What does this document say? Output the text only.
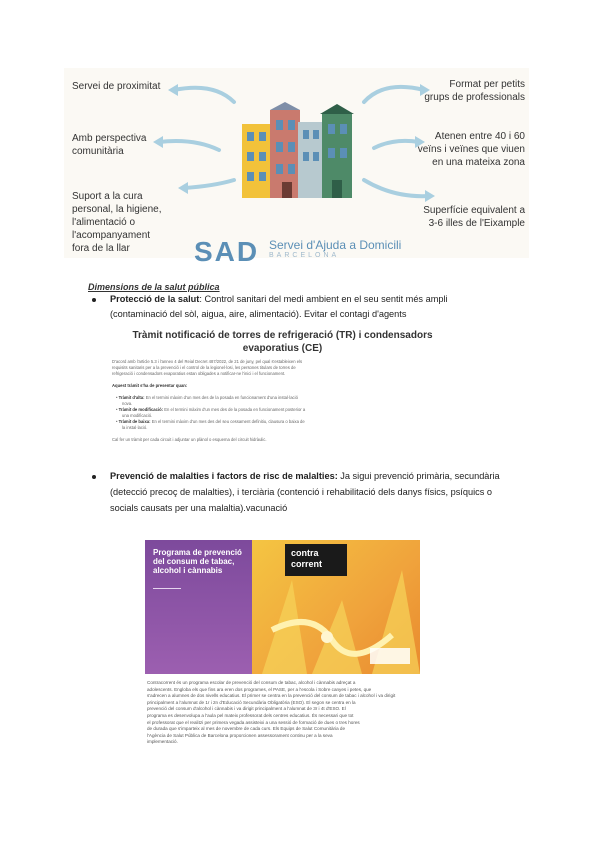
Servei de proximitat
Amb perspectiva
comunitària
Suport a la cura
personal, la higiene,
l'alimentació o
l'acompanyament
fora de la llar
Format per petits
grups de professionals
Atenen entre 40 i 60
veïns i veïnes que viuen
en una mateixa zona
Superfície equivalent a
3-6 illes de l'Eixample
SAD Servei d'Ajuda a Domicili
BARCELONA
Dimensions de la salut pública
Protecció de la salut: Control sanitari del medi ambient en el seu sentit més ampli
(contaminació del sòl, aigua, aire, alimentació). Evitar el contagi d'agents
Tràmit notificació de torres de refrigeració (TR) i condensadors
evaporatius (CE)
D'acord amb l'article 5.3 i l'annex 4 del Reial Decret 487/2022, de 21 de juny, pel qual s'estableixen els
requisits sanitaris per a la prevenció i el control de la legionel·losi, les persones titulars de torres de
refrigeració i condensadors evaporatius estan obligades a notificar-ne l'inici i el funcionament.
Aquest tràmit s'ha de presentar quan:
• Tràmit d'alta: En el termini màxim d'un mes des de la posada en funcionament d'una instal·lació
nova.
• Tràmit de modificació: En el termini màxim d'un mes des de la posada en funcionament posterior a
una modificació.
• Tràmit de baixa: En el termini màxim d'un mes des del seu cessament definitiu, clausura o baixa de
la instal·lació.
Cal fer un tràmit per cada circuit i adjuntar un plànol o esquema del circuit hidràulic.
Prevenció de malalties i factors de risc de malalties: Ja sigui prevenció primària, secundària
(detecció precoç de malalties), i terciària (contenció i rehabilitació dels danys físics, psíquics o
socials causats per una malaltia).vacunació
Programa de prevenció del consum de tabac, alcohol i cànnabis
contra
corrent
Contracorrent és un programa escolar de prevenció del consum de tabac, alcohol i cànnabis adreçat a
adolescents. Engloba els que fins ara eren dos programes, el PASE, per a l'escola i Sobre canyes i petes, que
s'adrecen a alumnes de dos nivells educatius. El primer se centra en la prevenció del consum de tabac i alcohol i va dirigit
principalment a l'alumnat de 1r i 2n d'Educació Secundària Obligatòria (ESO). El segon se centra en la
prevenció del consum d'alcohol i cànnabis i va dirigit principalment a l'alumnat de 3r i 4t d'ESO. El
programa es desenvolupa a l'aula pel mateix professorat dels centres educatius. És necessari que tot
el professorat que el realitzi per primera vegada assisteixi a una sessió de formació de dues o tres hores
de durada que s'imparteix al mes de novembre de cada curs. Els Equips de Salut Comunitària de
l'Agència de Salut Pública de Barcelona proporcionen assessorament continu per a la seva
implementació.
